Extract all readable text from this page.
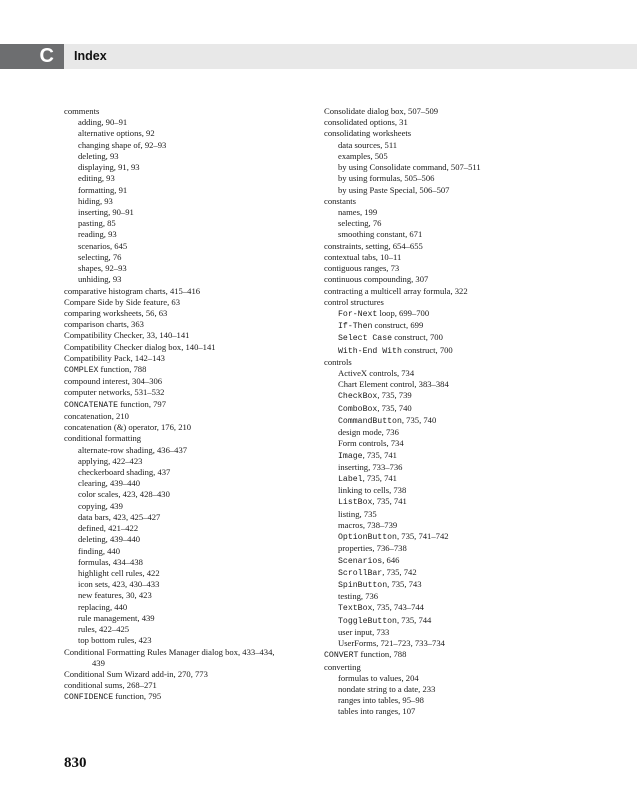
C	Index
comments
adding, 90–91
alternative options, 92
changing shape of, 92–93
deleting, 93
displaying, 91, 93
editing, 93
formatting, 91
hiding, 93
inserting, 90–91
pasting, 85
reading, 93
scenarios, 645
selecting, 76
shapes, 92–93
unhiding, 93
comparative histogram charts, 415–416
Compare Side by Side feature, 63
comparing worksheets, 56, 63
comparison charts, 363
Compatibility Checker, 33, 140–141
Compatibility Checker dialog box, 140–141
Compatibility Pack, 142–143
COMPLEX function, 788
compound interest, 304–306
computer networks, 531–532
CONCATENATE function, 797
concatenation, 210
concatenation (&) operator, 176, 210
conditional formatting
alternate-row shading, 436–437
applying, 422–423
checkerboard shading, 437
clearing, 439–440
color scales, 423, 428–430
copying, 439
data bars, 423, 425–427
defined, 421–422
deleting, 439–440
finding, 440
formulas, 434–438
highlight cell rules, 422
icon sets, 423, 430–433
new features, 30, 423
replacing, 440
rule management, 439
rules, 422–425
top bottom rules, 423
Conditional Formatting Rules Manager dialog box, 433–434,
439
Conditional Sum Wizard add-in, 270, 773
conditional sums, 268–271
CONFIDENCE function, 795
Consolidate dialog box, 507–509
consolidated options, 31
consolidating worksheets
data sources, 511
examples, 505
by using Consolidate command, 507–511
by using formulas, 505–506
by using Paste Special, 506–507
constants
names, 199
selecting, 76
smoothing constant, 671
constraints, setting, 654–655
contextual tabs, 10–11
contiguous ranges, 73
continuous compounding, 307
contracting a multicell array formula, 322
control structures
For-Next loop, 699–700
If-Then construct, 699
Select Case construct, 700
With-End With construct, 700
controls
ActiveX controls, 734
Chart Element control, 383–384
CheckBox, 735, 739
ComboBox, 735, 740
CommandButton, 735, 740
design mode, 736
Form controls, 734
Image, 735, 741
inserting, 733–736
Label, 735, 741
linking to cells, 738
ListBox, 735, 741
listing, 735
macros, 738–739
OptionButton, 735, 741–742
properties, 736–738
Scenarios, 646
ScrollBar, 735, 742
SpinButton, 735, 743
testing, 736
TextBox, 735, 743–744
ToggleButton, 735, 744
user input, 733
UserForms, 721–723, 733–734
CONVERT function, 788
converting
formulas to values, 204
nondate string to a date, 233
ranges into tables, 95–98
tables into ranges, 107
830
